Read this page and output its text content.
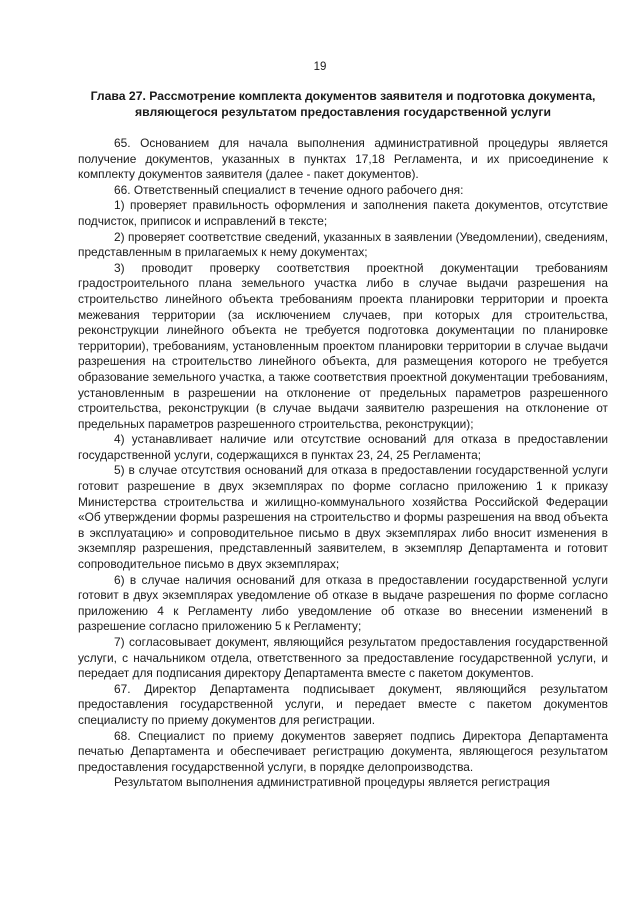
19
Глава 27. Рассмотрение комплекта документов заявителя и подготовка документа, являющегося результатом предоставления государственной услуги

65. Основанием для начала выполнения административной процедуры является получение документов, указанных в пунктах 17,18 Регламента, и их присоединение к комплекту документов заявителя (далее - пакет документов).

66. Ответственный специалист в течение одного рабочего дня:

1) проверяет правильность оформления и заполнения пакета документов, отсутствие подчисток, приписок и исправлений в тексте;

2) проверяет соответствие сведений, указанных в заявлении (Уведомлении), сведениям, представленным в прилагаемых к нему документах;

3) проводит проверку соответствия проектной документации требованиям градостроительного плана земельного участка либо в случае выдачи разрешения на строительство линейного объекта требованиям проекта планировки территории и проекта межевания территории (за исключением случаев, при которых для строительства, реконструкции линейного объекта не требуется подготовка документации по планировке территории), требованиям, установленным проектом планировки территории в случае выдачи разрешения на строительство линейного объекта, для размещения которого не требуется образование земельного участка, а также соответствия проектной документации требованиям, установленным в разрешении на отклонение от предельных параметров разрешенного строительства, реконструкции (в случае выдачи заявителю разрешения на отклонение от предельных параметров разрешенного строительства, реконструкции);

4) устанавливает наличие или отсутствие оснований для отказа в предоставлении государственной услуги, содержащихся в пунктах 23, 24, 25 Регламента;

5) в случае отсутствия оснований для отказа в предоставлении государственной услуги готовит разрешение в двух экземплярах по форме согласно приложению 1 к приказу Министерства строительства и жилищно-коммунального хозяйства Российской Федерации «Об утверждении формы разрешения на строительство и формы разрешения на ввод объекта в эксплуатацию» и сопроводительное письмо в двух экземплярах либо вносит изменения в экземпляр разрешения, представленный заявителем, в экземпляр Департамента и готовит сопроводительное письмо в двух экземплярах;

6) в случае наличия оснований для отказа в предоставлении государственной услуги готовит в двух экземплярах уведомление об отказе в выдаче разрешения по форме согласно приложению 4 к Регламенту либо уведомление об отказе во внесении изменений в разрешение согласно приложению 5 к Регламенту;

7) согласовывает документ, являющийся результатом предоставления государственной услуги, с начальником отдела, ответственного за предоставление государственной услуги, и передает для подписания директору Департамента вместе с пакетом документов.

67. Директор Департамента подписывает документ, являющийся результатом предоставления государственной услуги, и передает вместе с пакетом документов специалисту по приему документов для регистрации.

68. Специалист по приему документов заверяет подпись Директора Департамента печатью Департамента и обеспечивает регистрацию документа, являющегося результатом предоставления государственной услуги, в порядке делопроизводства.

Результатом выполнения административной процедуры является регистрация
